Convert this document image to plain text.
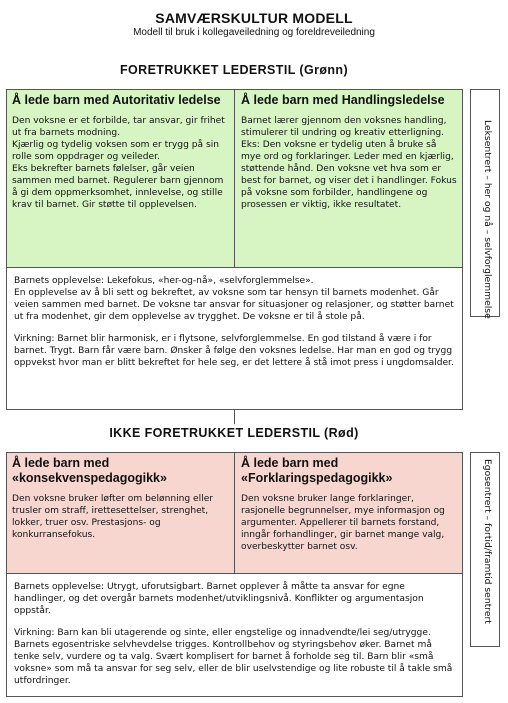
SAMVÆRSKULTUR MODELL
Modell til bruk i kollegaveiledning og foreldreveiledning
FORETRUKKET LEDERSTIL (Grønn)
Å lede barn med Autoritativ ledelse

Den voksne er et forbilde, tar ansvar, gir frihet ut fra barnets modning.
Kjærlig og tydelig voksen som er trygg på sin rolle som oppdrager og veileder.
Eks bekrefter barnets følelser, går veien sammen med barnet. Regulerer barn gjennom å gi dem oppmerksomhet, innlevelse, og stille krav til barnet. Gir støtte til opplevelsen.

Å lede barn med Handlingsledelse

Barnet lærer gjennom den voksnes handling, stimulerer til undring og kreativ etterligning.
Eks: Den voksne er tydelig uten å bruke så mye ord og forklaringer. Leder med en kjærlig, støttende hånd. Den voksne vet hva som er best for barnet, og viser det i handlinger. Fokus på voksne som forbilder, handlingene og prosessen er viktig, ikke resultatet.

Barnets opplevelse: Lekefokus, «her-og-nå», «selvforglemmelse».
En opplevelse av å bli sett og bekreftet, av voksne som tar hensyn til barnets modenhet. Går veien sammen med barnet. De voksne tar ansvar for situasjoner og relasjoner, og støtter barnet ut fra modenhet, gir dem opplevelse av trygghet. De voksne er til å stole på.

Virkning: Barnet blir harmonisk, er i flytsone, selvforglemmelse. En god tilstand å være i for barnet. Trygt. Barn får være barn. Ønsker å følge den voksnes ledelse. Har man en god og trygg oppvekst hvor man er blitt bekreftet for hele seg, er det lettere å stå imot press i ungdomsalder.

Leksentrert – her og nå – selvforglemmelse
IKKE FORETRUKKET LEDERSTIL (Rød)
Å lede barn med «konsekvenspedagogikk»

Den voksne bruker løfter om belønning eller trusler om straff, irettesettelser, strenghet, lokker, truer osv. Prestasjons- og konkurransefokus.

Å lede barn med «Forklaringspedagogikk»

Den voksne bruker lange forklaringer, rasjonelle begrunnelser, mye informasjon og argumenter. Appellerer til barnets forstand, inngår forhandlinger, gir barnet mange valg, overbeskytter barnet osv.

Barnets opplevelse: Utrygt, uforutsigbart. Barnet opplever å måtte ta ansvar for egne handlinger, og det overgår barnets modenhet/utviklingsnivå. Konflikter og argumentasjon oppstår.

Virkning: Barn kan bli utagerende og sinte, eller engstelige og innadvendte/lei seg/utrygge. Barnets egosentriske selvhevdelse trigges. Kontrollbehov og styringsbehov øker. Barnet må tenke selv, vurdere og ta valg. Svært komplisert for barnet å forholde seg til. Barn blir «små voksne» som må ta ansvar for seg selv, eller de blir uselvstendige og lite robuste til å takle små utfordringer.

Egosentrert – fortid/framtid sentrert
